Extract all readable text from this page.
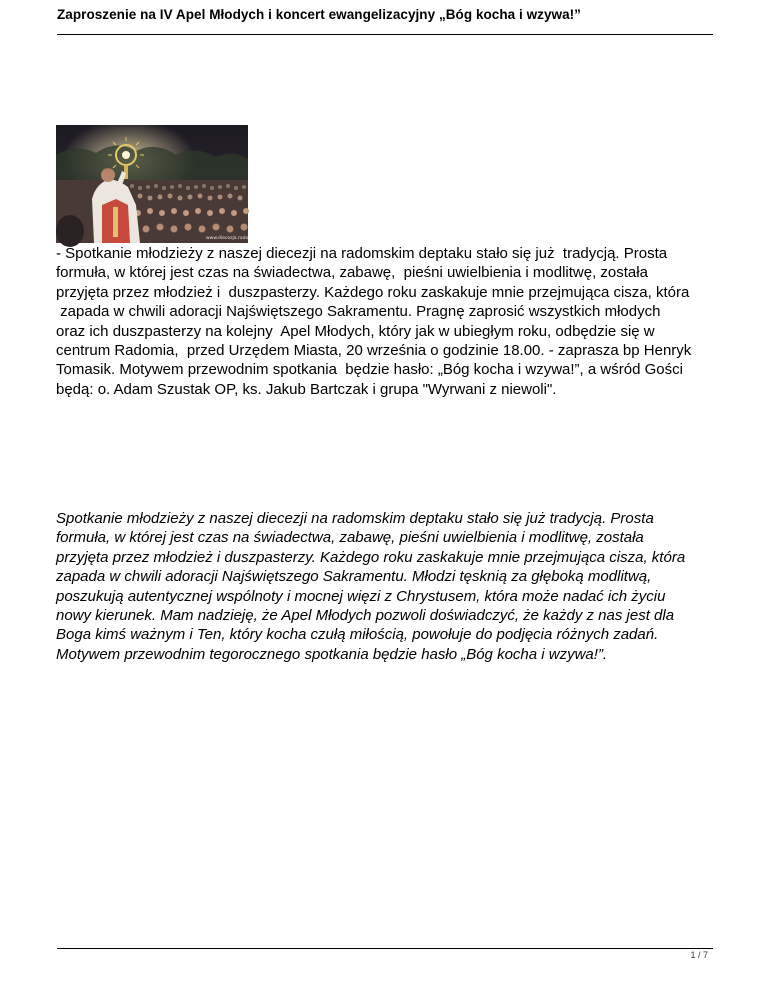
Zaproszenie na IV Apel Młodych i koncert ewangelizacyjny „Bóg kocha i wzywa!”
www.diecezja.radom.pl
- Spotkanie młodzieży z naszej diecezji na radomskim deptaku stało się już  tradycją. Prosta
formuła, w której jest czas na świadectwa, zabawę,  pieśni uwielbienia i modlitwę, została
przyjęta przez młodzież i  duszpasterzy. Każdego roku zaskakuje mnie przejmująca cisza, która
zapada w chwili adoracji Najświętszego Sakramentu. Pragnę zaprosić wszystkich młodych
oraz ich duszpasterzy na kolejny  Apel Młodych, który jak w ubiegłym roku, odbędzie się w
centrum Radomia,  przed Urzędem Miasta, 20 września o godzinie 18.00. - zaprasza bp Henryk
Tomasik. Motywem przewodnim spotkania  będzie hasło: „Bóg kocha i wzywa!”, a wśród Gości
będą: o. Adam Szustak OP, ks. Jakub Bartczak i grupa "Wyrwani z niewoli".
Spotkanie młodzieży z naszej diecezji na radomskim deptaku stało się już tradycją. Prosta
formuła, w której jest czas na świadectwa, zabawę, pieśni uwielbienia i modlitwę, została
przyjęta przez młodzież i duszpasterzy. Każdego roku zaskakuje mnie przejmująca cisza, która
zapada w chwili adoracji Najświętszego Sakramentu. Młodzi tęsknią za głęboką modlitwą,
poszukują autentycznej wspólnoty i mocnej więzi z Chrystusem, która może nadać ich życiu
nowy kierunek. Mam nadzieję, że Apel Młodych pozwoli doświadczyć, że każdy z nas jest dla
Boga kimś ważnym i Ten, który kocha czułą miłością, powołuje do podjęcia różnych zadań.
Motywem przewodnim tegorocznego spotkania będzie hasło „Bóg kocha i wzywa!”.
1 / 7
